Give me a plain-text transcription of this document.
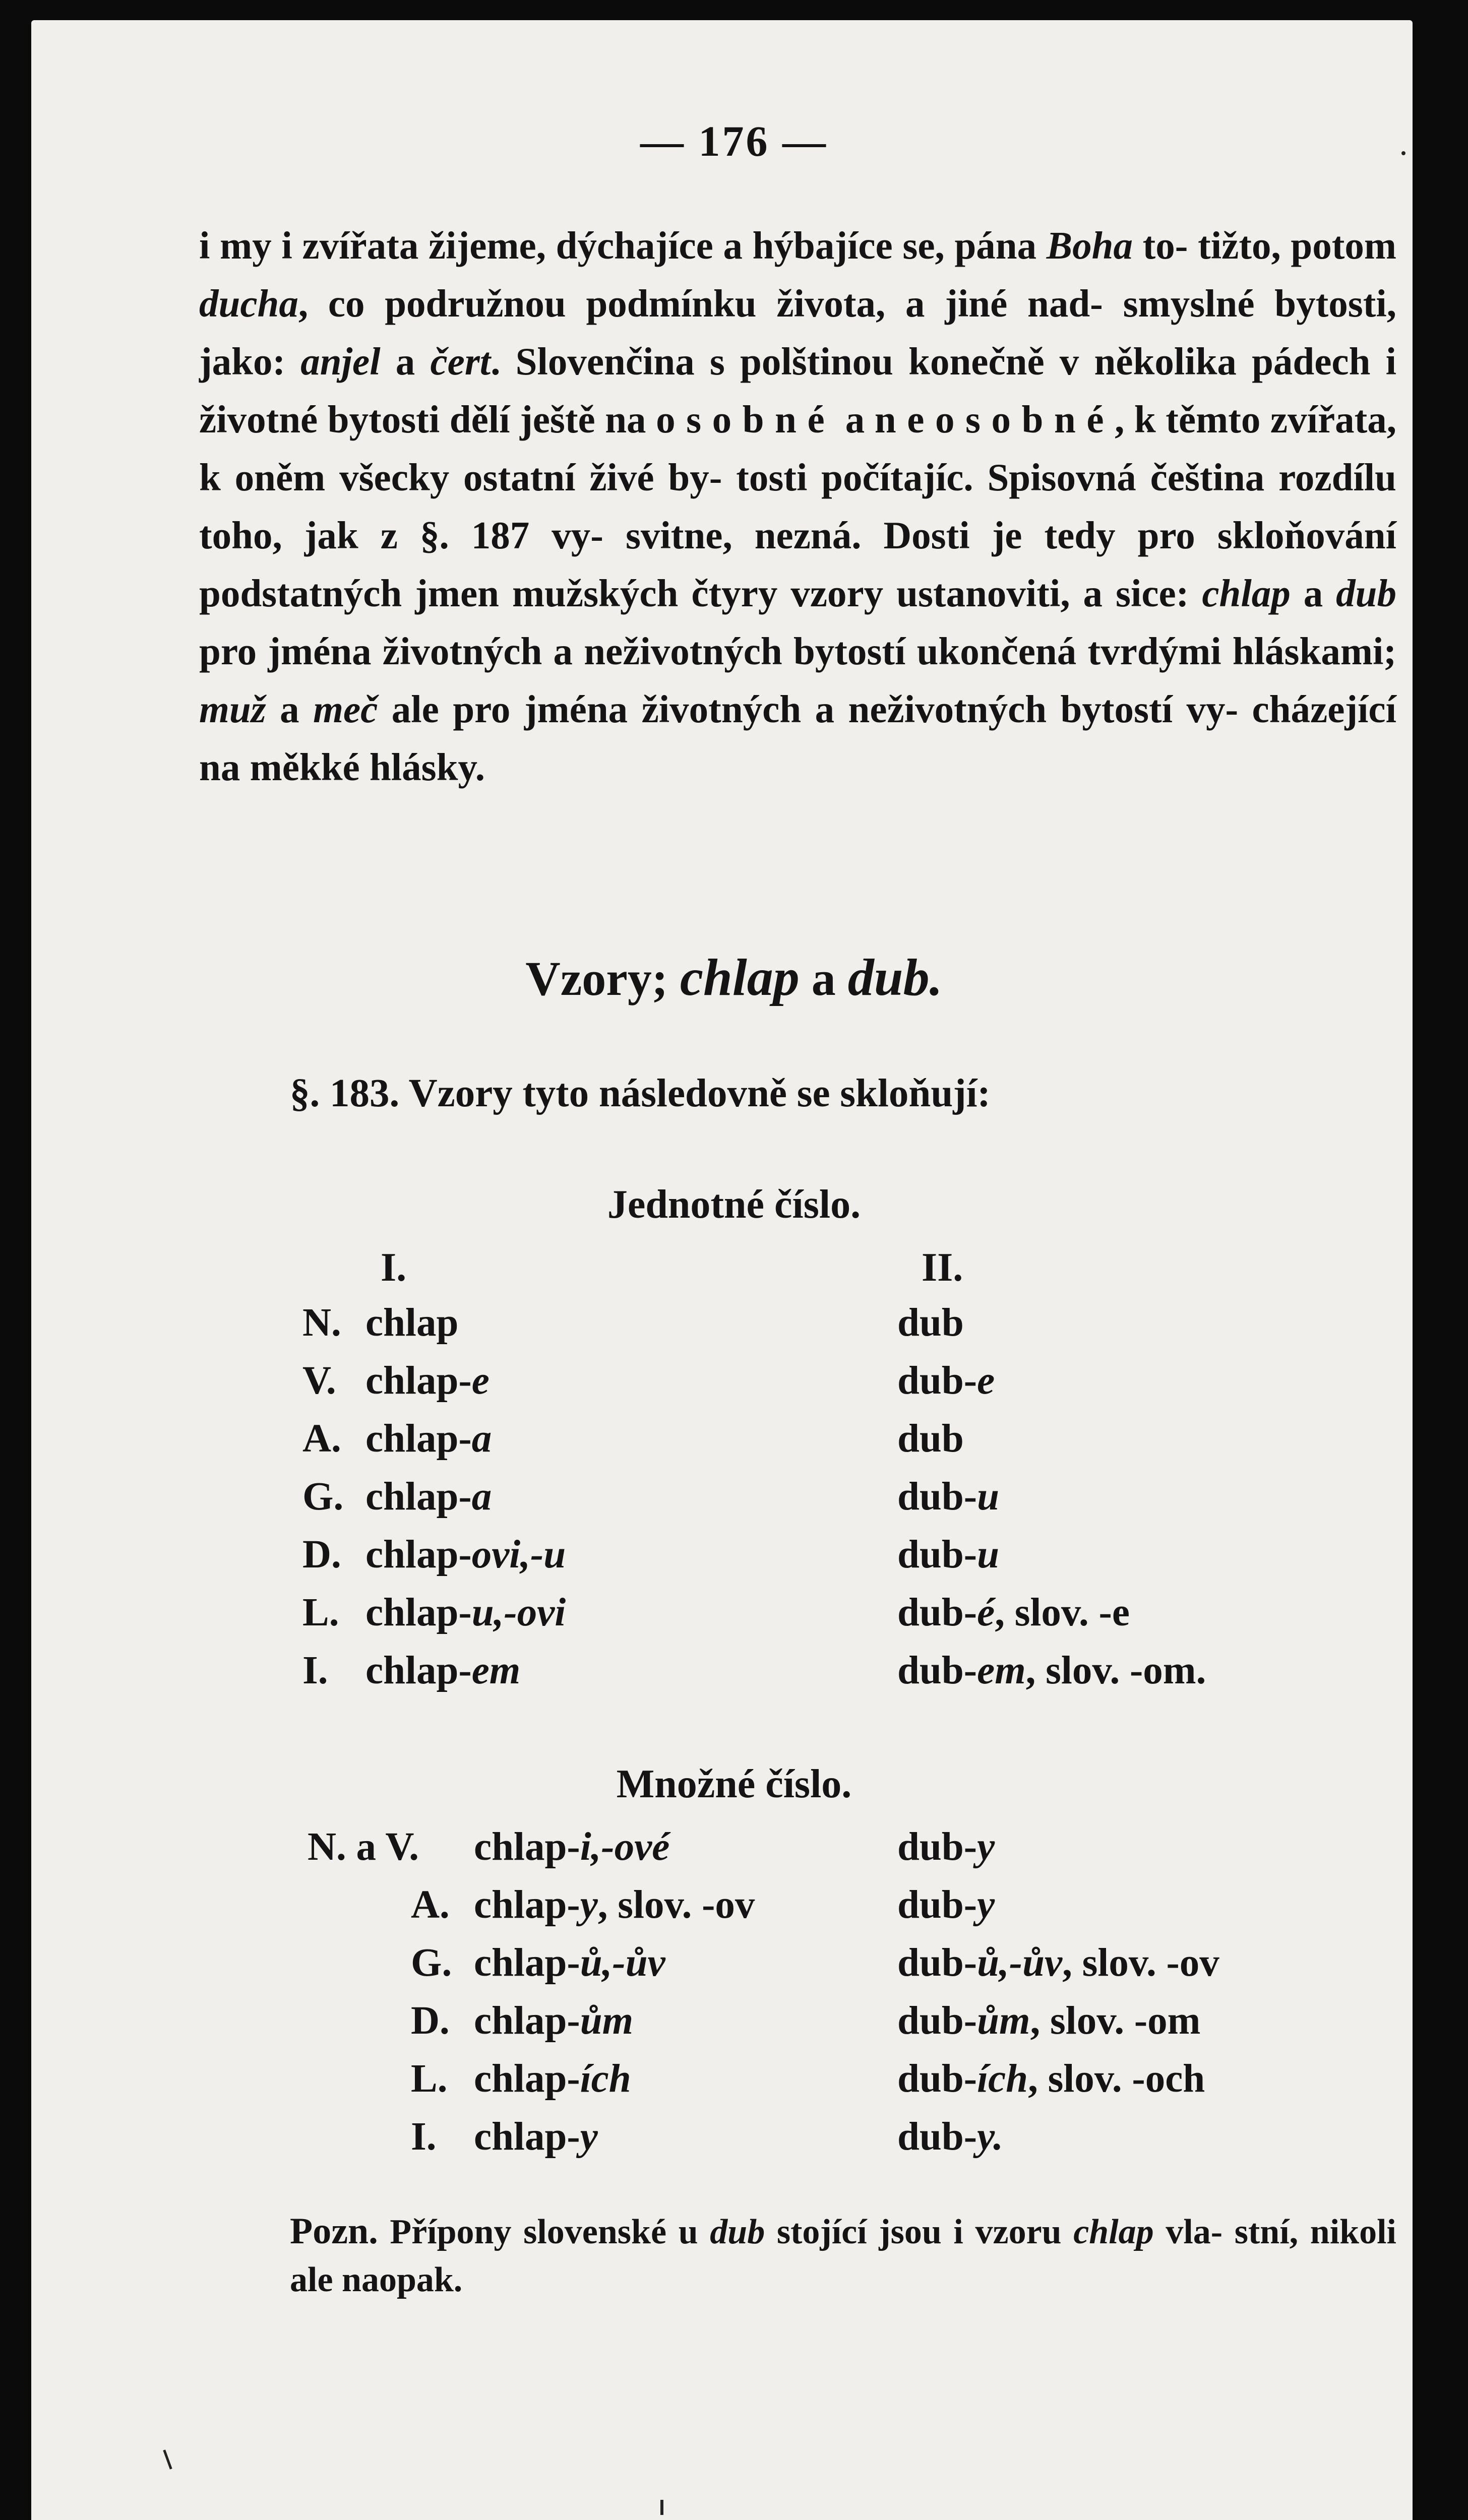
— 176 —

i my i zvířata žijeme, dýchajíce a hýbajíce se, pána Boha to- tižto, potom ducha, co podružnou podmínku života, a jiné nad- smyslné bytosti, jako: anjel a čert. Slovenčina s polštinou konečně v několika pádech i životné bytosti dělí ještě na osobné a neosobné, k těmto zvířata, k oněm všecky ostatní živé by- tosti počítajíc. Spisovná čeština rozdílu toho, jak z §. 187 vy- svitne, nezná. Dosti je tedy pro skloňování podstatných jmen mužských čtyry vzory ustanoviti, a sice: chlap a dub pro jména životných a neživotných bytostí ukončená tvrdými hláskami; muž a meč ale pro jména životných a neživotných bytostí vy- cházející na měkké hlásky.

Vzory; chlap a dub.
§. 183. Vzory tyto následovně se skloňují:
Jednotné číslo.
I.	II.
N. chlap	dub
V. chlap-e	dub-e
A. chlap-a	dub
G. chlap-a	dub-u
D. chlap-ovi,-u	dub-u
L. chlap-u,-ovi	dub-é, slov. -e
I. chlap-em	dub-em, slov. -om.
Množné číslo.
N. a V. chlap-i,-ové	dub-y
A. chlap-y, slov. -ov	dub-y
G. chlap-ů,-ův	dub-ů,-ův, slov. -ov
D. chlap-ům	dub-ům, slov. -om
L. chlap-ích	dub-ích, slov. -och
I. chlap-y	dub-y.
Pozn. Přípony slovenské u dub stojící jsou i vzoru chlap vla- stní, nikoli ale naopak.
